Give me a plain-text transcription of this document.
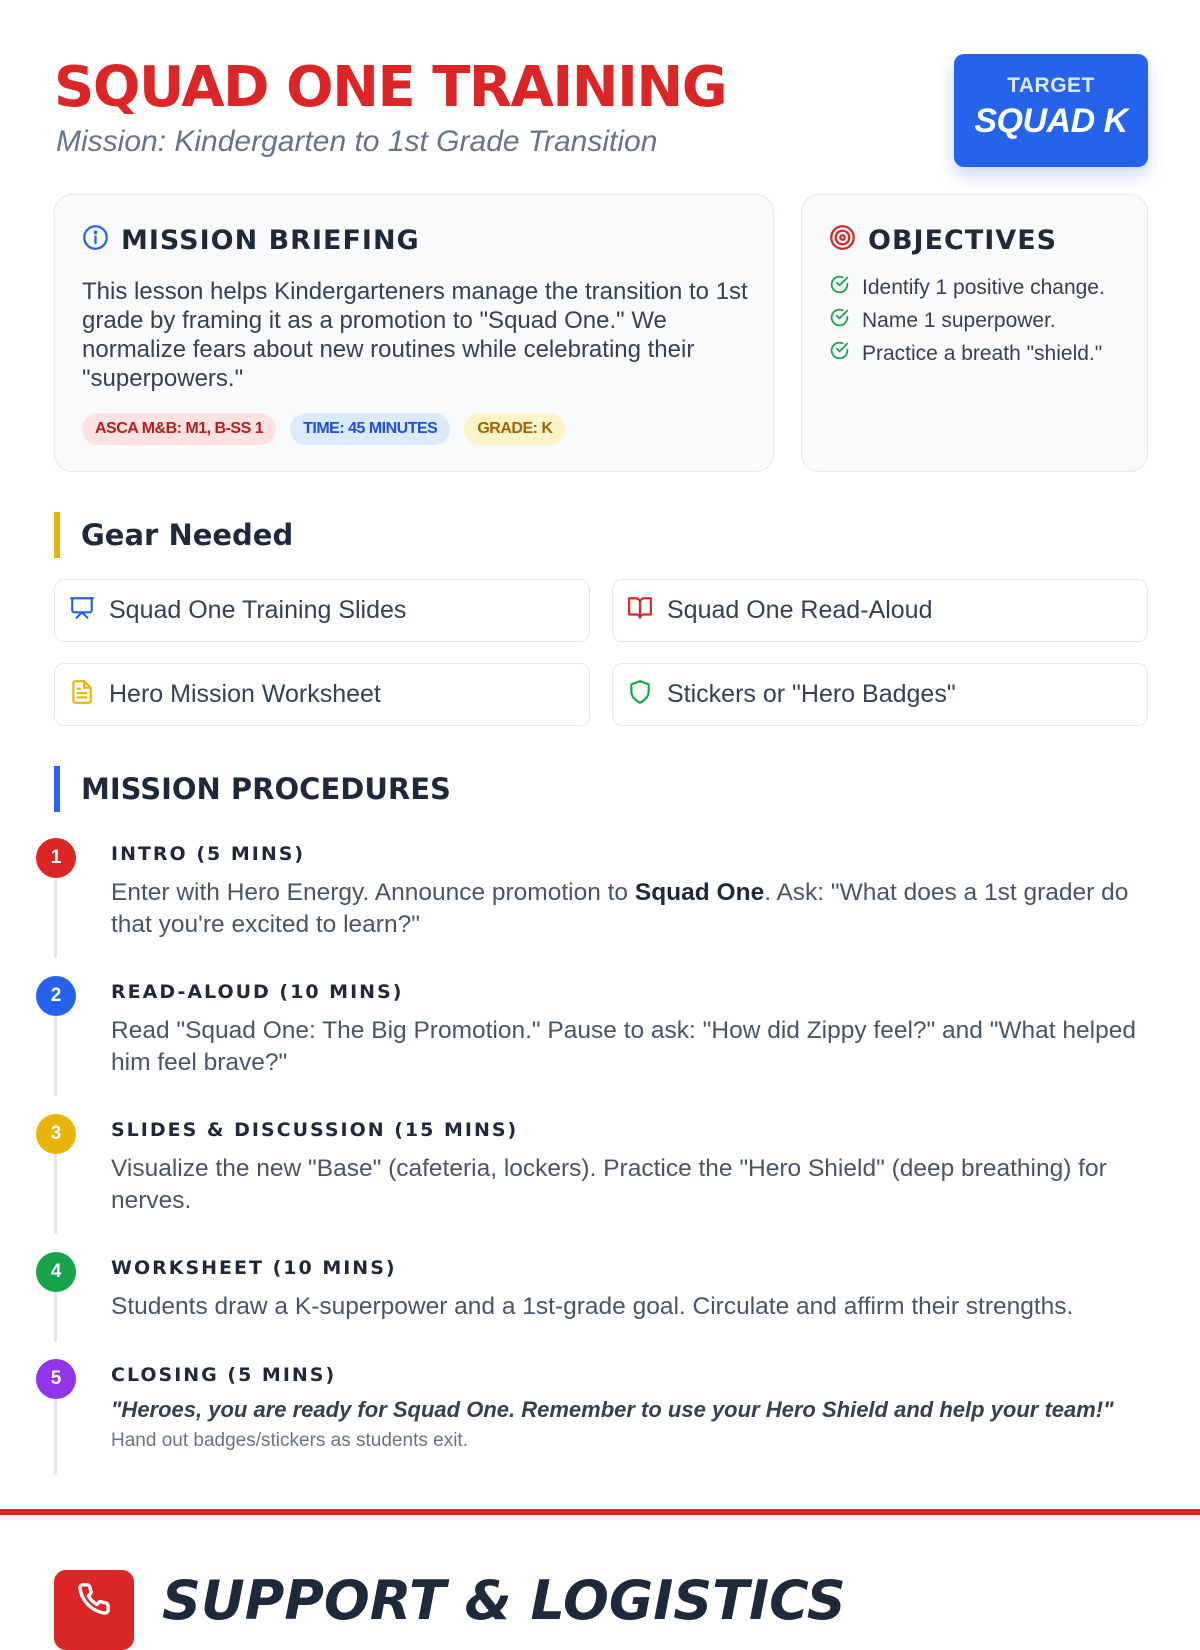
SQUAD ONE TRAINING
Mission: Kindergarten to 1st Grade Transition
TARGET
SQUAD K
MISSION BRIEFING

This lesson helps Kindergarteners manage the transition to 1st grade by framing it as a promotion to "Squad One." We normalize fears about new routines while celebrating their "superpowers."

ASCA M&B: M1, B-SS 1	TIME: 45 MINUTES	GRADE: K
OBJECTIVES
Identify 1 positive change.
Name 1 superpower.
Practice a breath "shield."
Gear Needed
Squad One Training Slides	Squad One Read-Aloud
Hero Mission Worksheet	Stickers or "Hero Badges"
MISSION PROCEDURES
1	INTRO (5 MINS)

Enter with Hero Energy. Announce promotion to Squad One. Ask: "What does a 1st grader do that you're excited to learn?"

2	READ-ALOUD (10 MINS)

Read "Squad One: The Big Promotion." Pause to ask: "How did Zippy feel?" and "What helped him feel brave?"

3	SLIDES & DISCUSSION (15 MINS)

Visualize the new "Base" (cafeteria, lockers). Practice the "Hero Shield" (deep breathing) for nerves.

4	WORKSHEET (10 MINS)

Students draw a K-superpower and a 1st-grade goal. Circulate and affirm their strengths.

5	CLOSING (5 MINS)

"Heroes, you are ready for Squad One. Remember to use your Hero Shield and help your team!"

Hand out badges/stickers as students exit.

SUPPORT & LOGISTICS
